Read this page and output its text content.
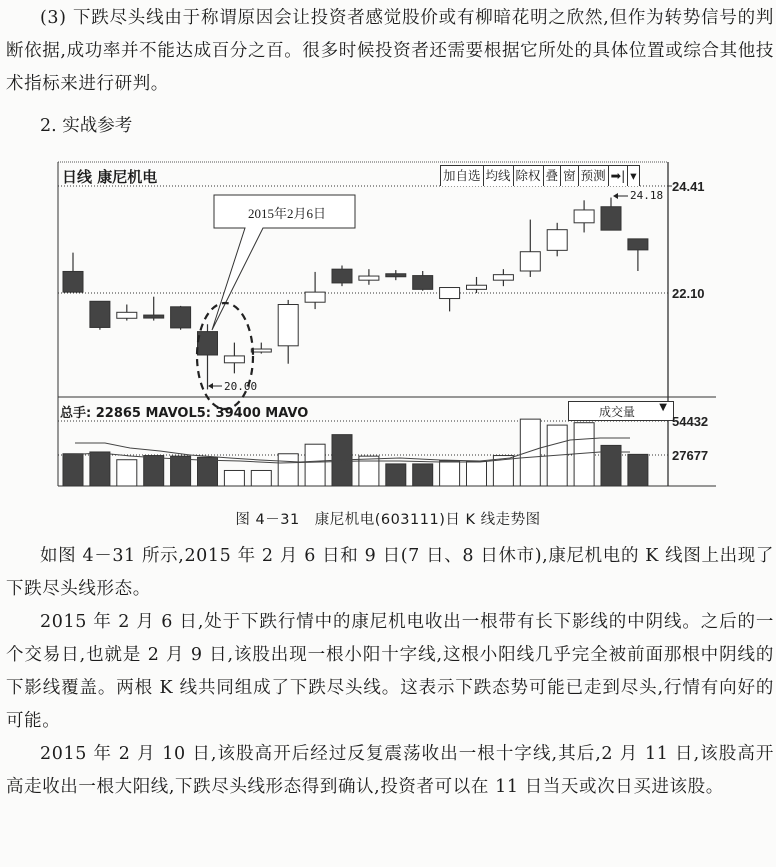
(3) 下跌尽头线由于称谓原因会让投资者感觉股价或有柳暗花明之欣然,但作为转势信号的判断依据,成功率并不能达成百分之百。很多时候投资者还需要根据它所处的具体位置或综合其他技术指标来进行研判。
2. 实战参考
日线 康尼机电	加自选 均线 除权 叠 窗 预测 ➡| ▾
2015年2月6日
24.18
20.00
24.41
22.10
总手: 22865 MAVOL5: 39400 MAVO	成交量 ▼
54432
27677
图 4－31　康尼机电(603111)日 K 线走势图
如图 4－31 所示,2015 年 2 月 6 日和 9 日(7 日、8 日休市),康尼机电的 K 线图上出现了下跌尽头线形态。
2015 年 2 月 6 日,处于下跌行情中的康尼机电收出一根带有长下影线的中阴线。之后的一个交易日,也就是 2 月 9 日,该股出现一根小阳十字线,这根小阳线几乎完全被前面那根中阴线的下影线覆盖。两根 K 线共同组成了下跌尽头线。这表示下跌态势可能已走到尽头,行情有向好的可能。
2015 年 2 月 10 日,该股高开后经过反复震荡收出一根十字线,其后,2 月 11 日,该股高开高走收出一根大阳线,下跌尽头线形态得到确认,投资者可以在 11 日当天或次日买进该股。
